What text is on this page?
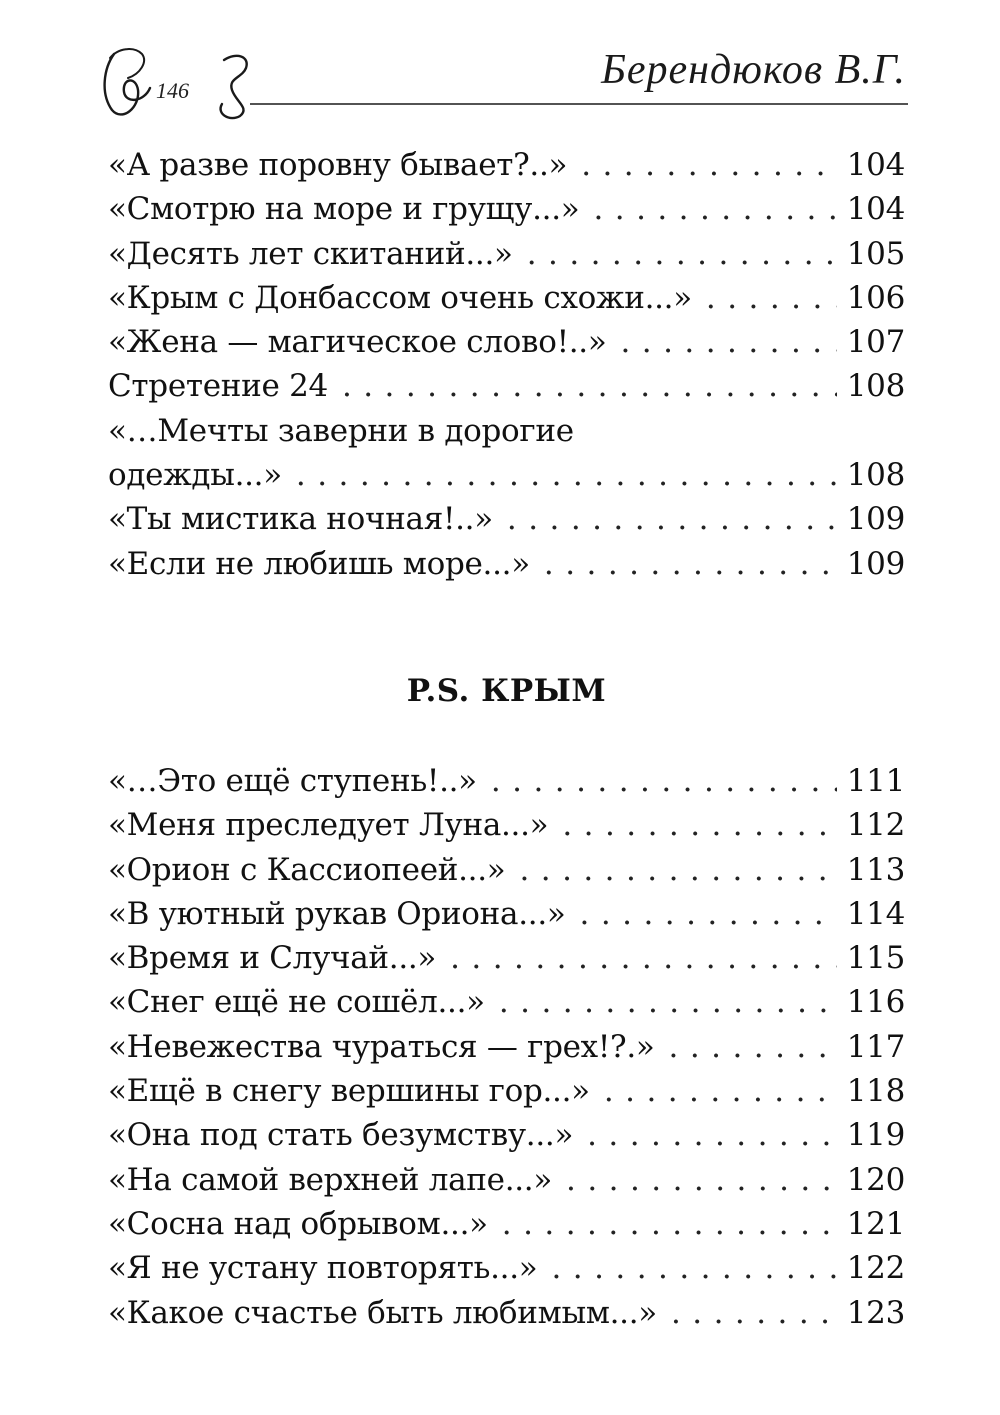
146	Берендюков В.Г.
«А разве поровну бывает?..» . . .	104
«Смотрю на море и грущу...» . . .	104
«Десять лет скитаний...» . . .	105
«Крым с Донбассом очень схожи...» . . .	106
«Жена — магическое слово!..» . . .	107
Стретение 24 . . .	108
«…Мечты заверни в дорогие
одежды...» . . .	108
«Ты мистика ночная!..» . . .	109
«Если не любишь море...» . . .	109
P.S. КРЫМ
«…Это ещё ступень!..» . . .	111
«Меня преследует Луна...» . . .	112
«Орион с Кассиопеей...» . . .	113
«В уютный рукав Ориона...» . . .	114
«Время и Случай...» . . .	115
«Снег ещё не сошёл...» . . .	116
«Невежества чураться — грех!?.» . . .	117
«Ещё в снегу вершины гор...» . . .	118
«Она под стать безумству...» . . .	119
«На самой верхней лапе...» . . .	120
«Сосна над обрывом...» . . .	121
«Я не устану повторять...» . . .	122
«Какое счастье быть любимым...» . . .	123
